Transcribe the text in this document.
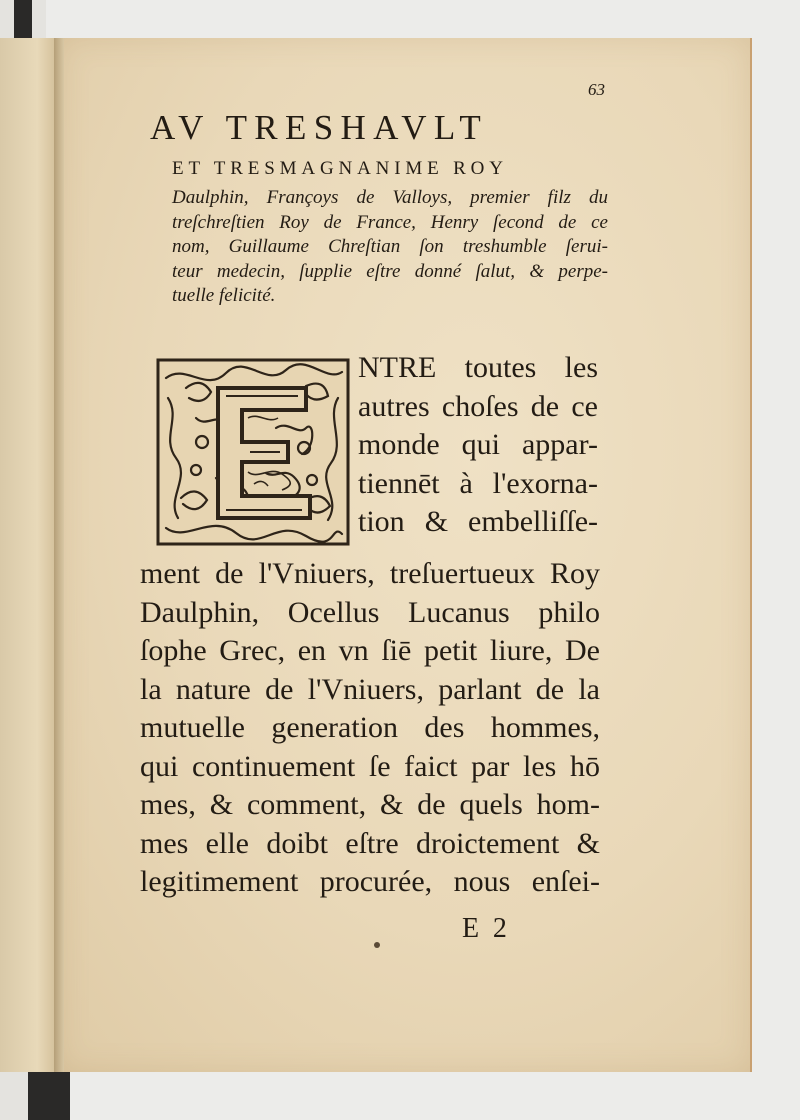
63
AV TRESHAVLT
ET TRESMAGNANIME ROY
Daulphin, Françoys de Valloys, premier filz du
treſchreſtien Roy de France, Henry ſecond de ce
nom, Guillaume Chreſtian ſon treshumble ſerui-
teur medecin, ſupplie eſtre donné ſalut, & perpe-
tuelle felicité.
NTRE toutes les
autres choſes de ce
monde qui appar-
tiennēt à l'exorna-
tion & embelliſſe-
ment de l'Vniuers, treſuertueux Roy
Daulphin, Ocellus Lucanus philo
ſophe Grec, en vn ſiē petit liure, De
la nature de l'Vniuers, parlant de la
mutuelle generation des hommes,
qui continuement ſe faict par les hō
mes, & comment, & de quels hom-
mes elle doibt eſtre droictement &
legitimement procurée, nous enſei-
E 2
